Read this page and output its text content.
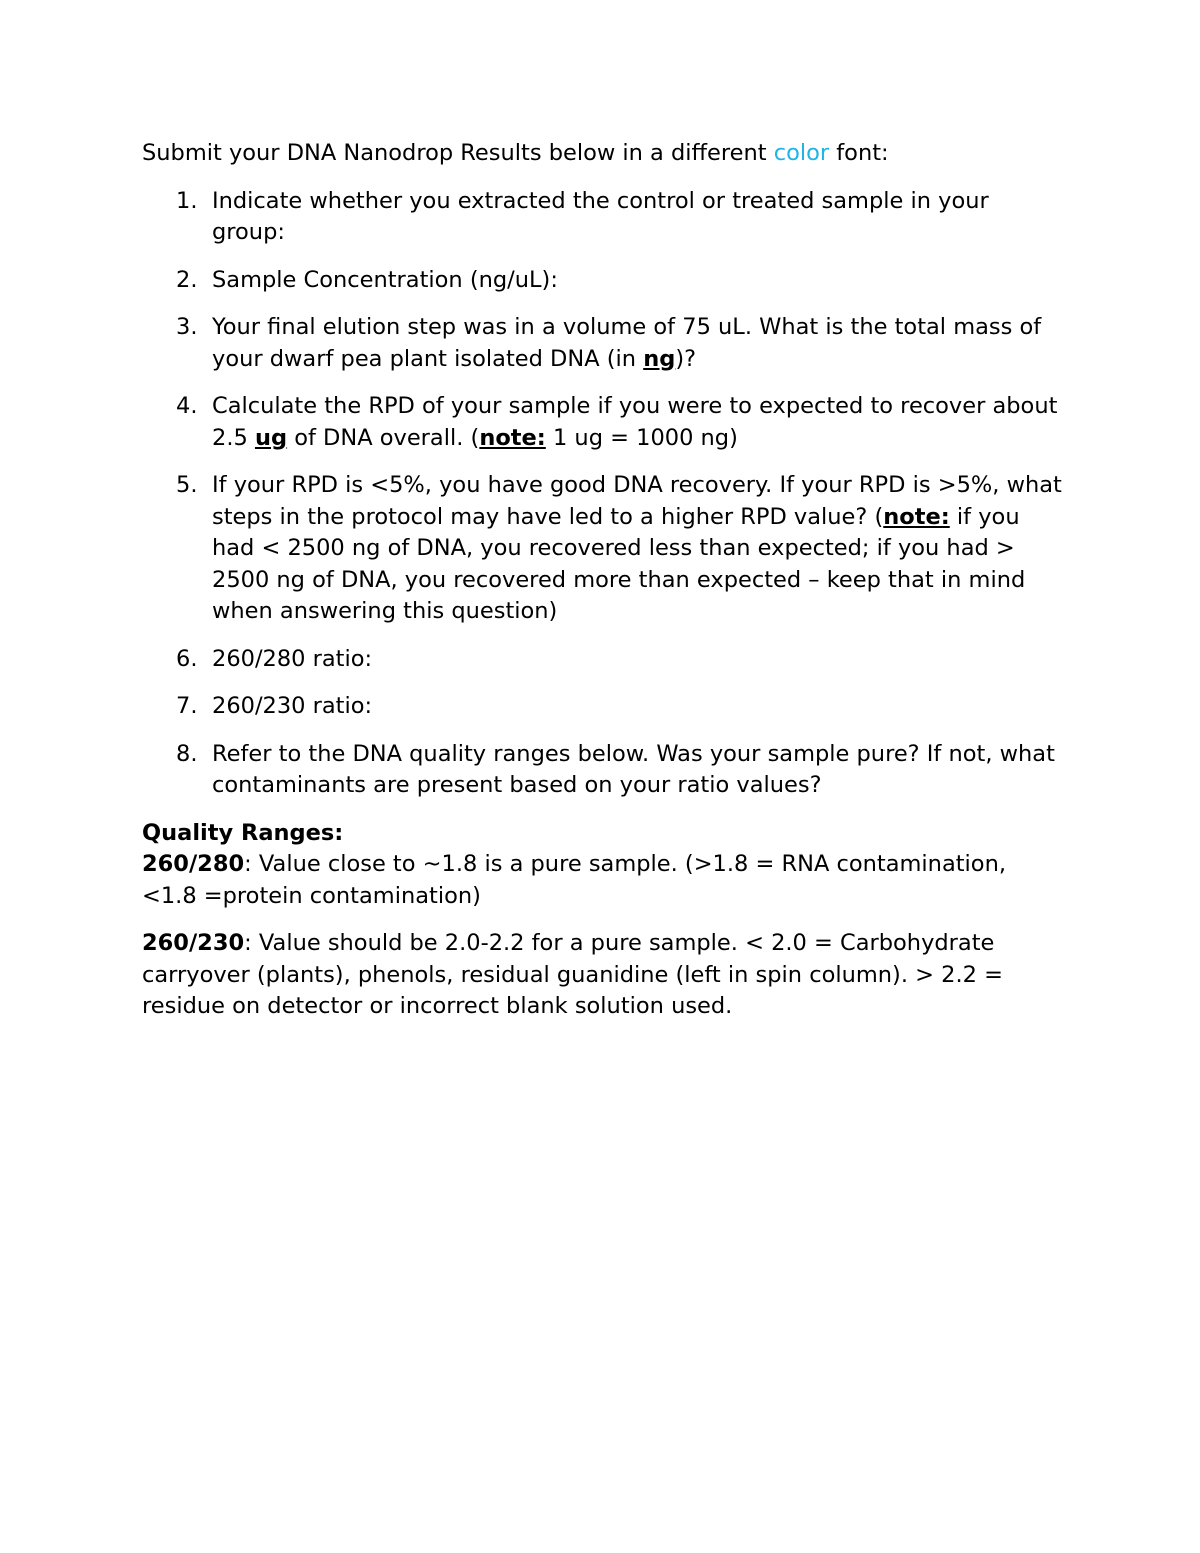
Submit your DNA Nanodrop Results below in a different color font:

1. Indicate whether you extracted the control or treated sample in your group:
2. Sample Concentration (ng/uL):
3. Your final elution step was in a volume of 75 uL. What is the total mass of your dwarf pea plant isolated DNA (in ng)?
4. Calculate the RPD of your sample if you were to expected to recover about 2.5 ug of DNA overall. (note: 1 ug = 1000 ng)
5. If your RPD is <5%, you have good DNA recovery. If your RPD is >5%, what steps in the protocol may have led to a higher RPD value? (note: if you had < 2500 ng of DNA, you recovered less than expected; if you had > 2500 ng of DNA, you recovered more than expected – keep that in mind when answering this question)
6. 260/280 ratio:
7. 260/230 ratio:
8. Refer to the DNA quality ranges below. Was your sample pure? If not, what contaminants are present based on your ratio values?

Quality Ranges:

260/280: Value close to ~1.8 is a pure sample. (>1.8 = RNA contamination, <1.8 =protein contamination)

260/230: Value should be 2.0-2.2 for a pure sample. < 2.0 = Carbohydrate carryover (plants), phenols, residual guanidine (left in spin column). > 2.2 = residue on detector or incorrect blank solution used.
